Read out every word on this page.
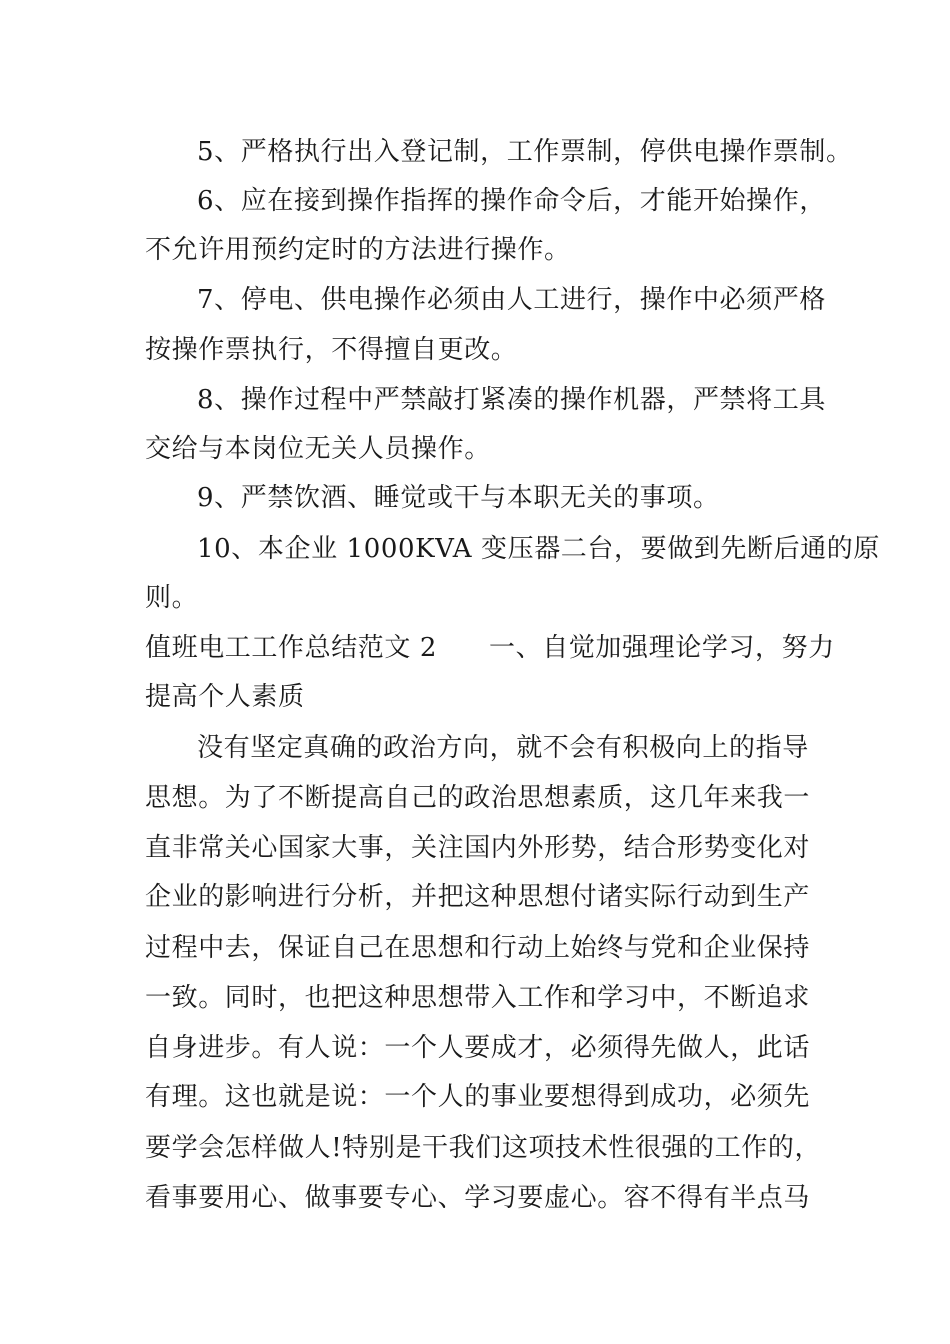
5、严格执行出入登记制，工作票制，停供电操作票制。
6、应在接到操作指挥的操作命令后，才能开始操作，
不允许用预约定时的方法进行操作。
7、停电、供电操作必须由人工进行，操作中必须严格
按操作票执行，不得擅自更改。
8、操作过程中严禁敲打紧凑的操作机器，严禁将工具
交给与本岗位无关人员操作。
9、严禁饮酒、睡觉或干与本职无关的事项。
10、本企业 1000KVA 变压器二台，要做到先断后通的原
则。
值班电工工作总结范文 2 一、自觉加强理论学习，努力
提高个人素质
没有坚定真确的政治方向，就不会有积极向上的指导
思想。为了不断提高自己的政治思想素质，这几年来我一
直非常关心国家大事，关注国内外形势，结合形势变化对
企业的影响进行分析，并把这种思想付诸实际行动到生产
过程中去，保证自己在思想和行动上始终与党和企业保持
一致。同时，也把这种思想带入工作和学习中，不断追求
自身进步。有人说：一个人要成才，必须得先做人，此话
有理。这也就是说：一个人的事业要想得到成功，必须先
要学会怎样做人!特别是干我们这项技术性很强的工作的，
看事要用心、做事要专心、学习要虚心。容不得有半点马
